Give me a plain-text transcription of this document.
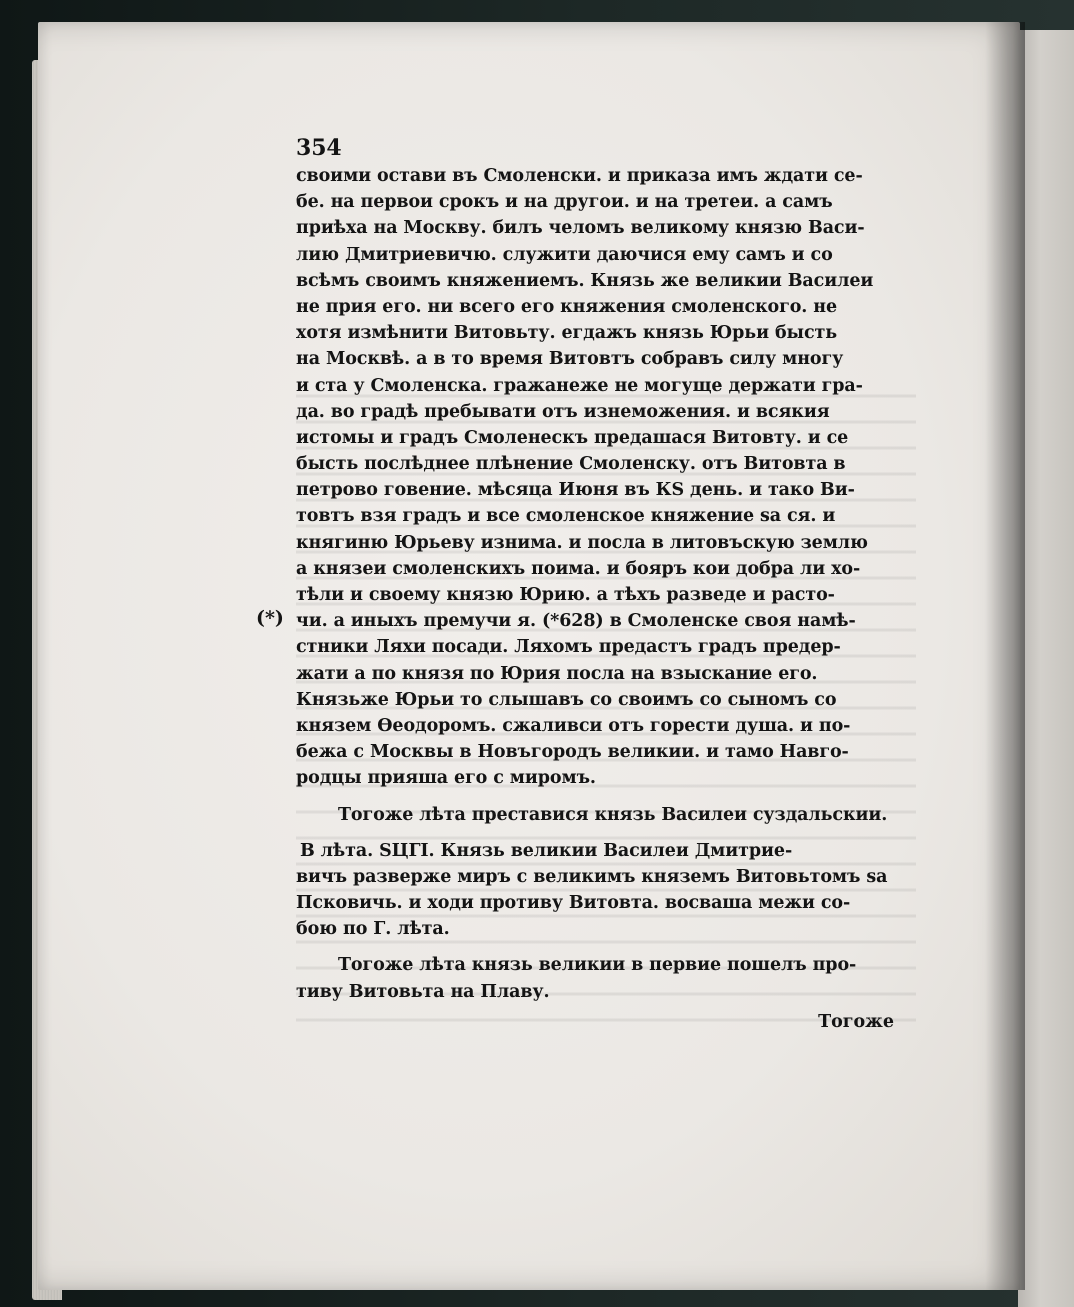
(*)
354
своими остави въ Смоленски. и приказа имъ ждати се-
бе. на первои срокъ и на другои. и на третеи. а самъ
приѣха на Москву. билъ челомъ великому князю Васи-
лию Дмитриевичю. служити даючися ему самъ и со
всѣмъ своимъ княжениемъ. Князь же великии Василеи
не прия его. ни всего его княжения смоленского. не
хотя измѣнити Витовьту. егдажъ князь Юрьи бысть
на Москвѣ. а в то время Витовтъ собравъ силу многу
и ста у Смоленска. гражанеже не могуще держати гра-
да. во градѣ пребывати отъ изнеможения. и всякия
истомы и градъ Смоленескъ предашася Витовту. и се
бысть послѣднее плѣнение Смоленску. отъ Витовта в
петрово говение. мѣсяца Июня въ КЅ день. и тако Ви-
товтъ взя градъ и все смоленское княжение ѕа ся. и
княгиню Юрьеву изнима. и посла в литовъскую землю
а князеи смоленскихъ поима. и бояръ кои добра ли хо-
тѣли и своему князю Юрию. а тѣхъ разведе и расто-
чи. а иныхъ премучи я. (*628) в Смоленске своя намѣ-
стники Ляхи посади. Ляхомъ предастъ градъ предер-
жати а по князя по Юрия посла на взыскание его.
Князьже Юрьи то слышавъ со своимъ со сыномъ со
князем Ѳеодоромъ. сжаливси отъ горести душа. и по-
бежа с Москвы в Новъгородъ великии. и тамо Навго-
родцы прияша его с миромъ.
Тогоже лѣта преставися князь Василеи суздальскии.
В лѣта. ЅЦГІ. Князь великии Василеи Дмитрие-
вичъ разверже миръ с великимъ княземъ Витовьтомъ ѕа
Псковичь. и ходи противу Витовта. восваша межи со-
бою по Г. лѣта.
Тогоже лѣта князь великии в первие пошелъ про-
тиву Витовьта на Плаву.
Тогоже
